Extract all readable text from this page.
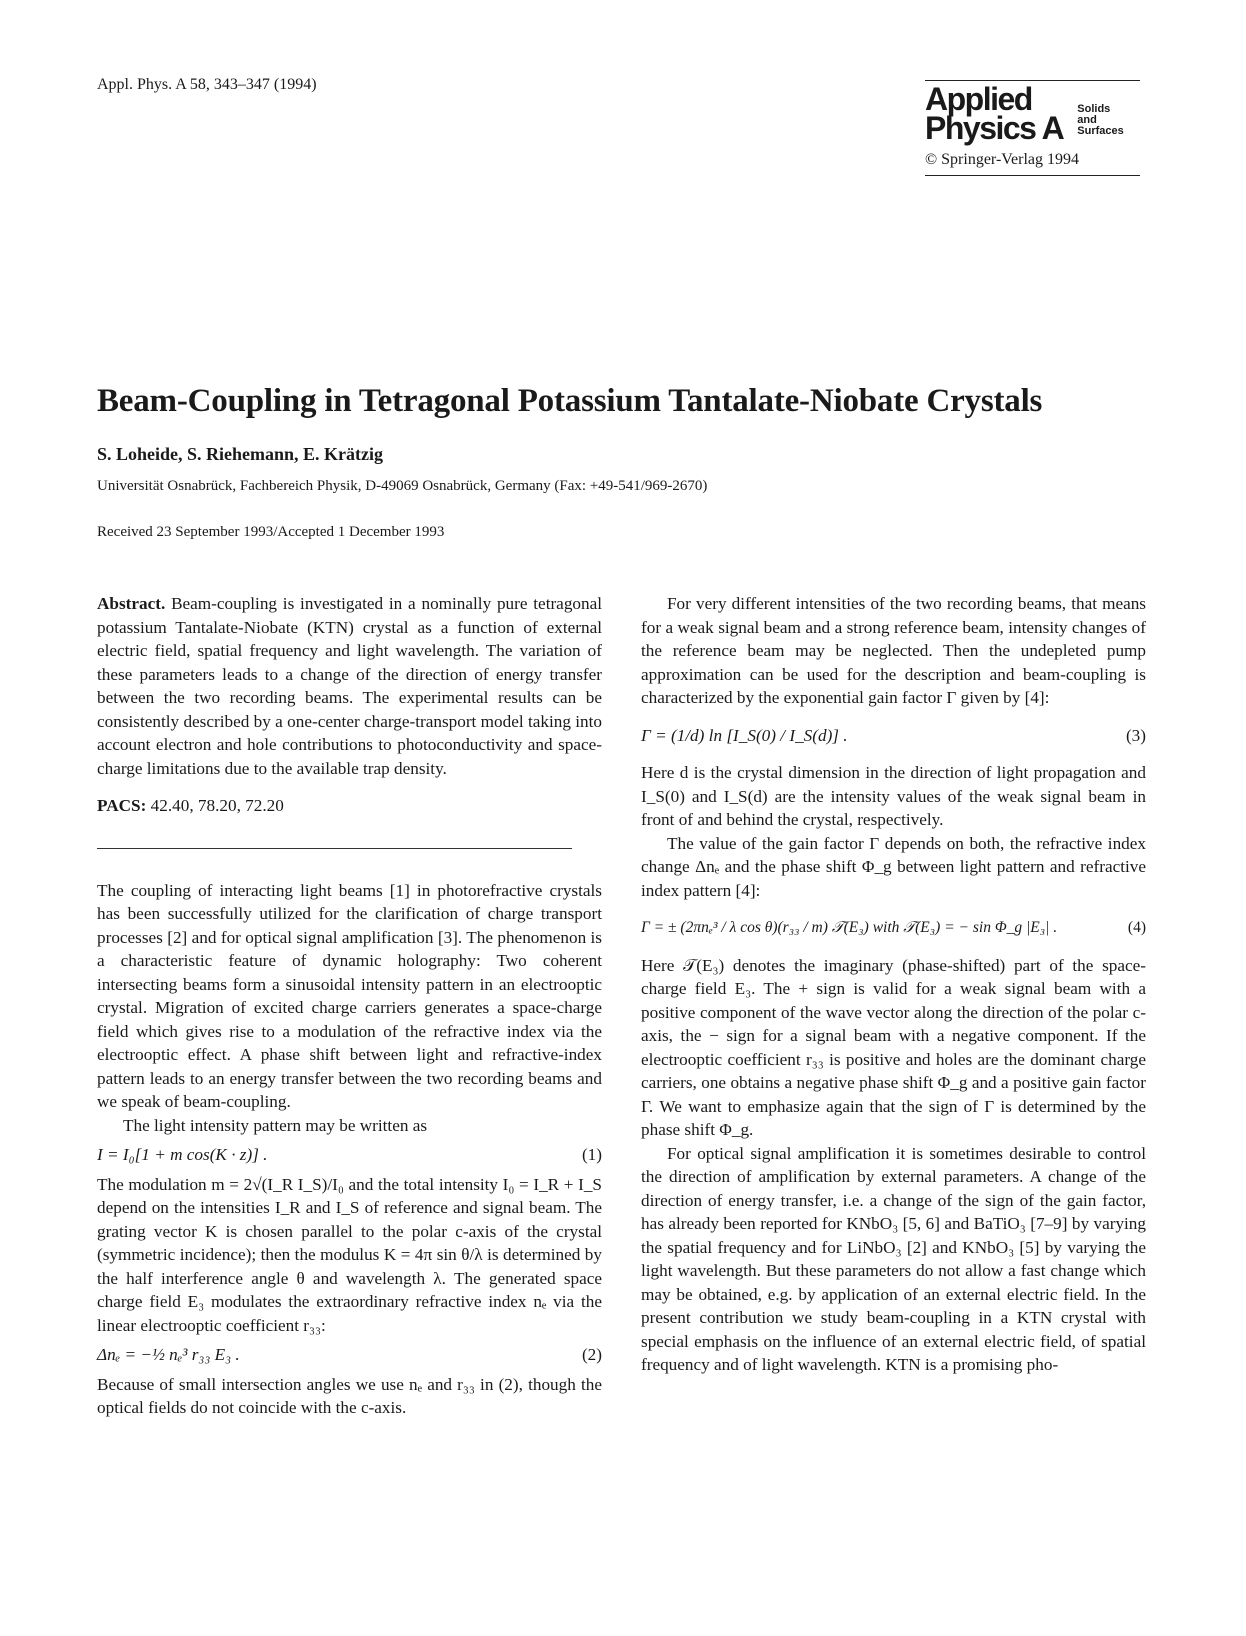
Appl. Phys. A 58, 343–347 (1994)	Applied
Physics A
Solids
and
Surfaces
© Springer-Verlag 1994
Beam-Coupling in Tetragonal Potassium Tantalate-Niobate Crystals
S. Loheide, S. Riehemann, E. Krätzig
Universität Osnabrück, Fachbereich Physik, D-49069 Osnabrück, Germany (Fax: +49-541/969-2670)
Received 23 September 1993/Accepted 1 December 1993

Abstract. Beam-coupling is investigated in a nominally pure tetragonal potassium Tantalate-Niobate (KTN) crystal as a function of external electric field, spatial frequency and light wavelength. The variation of these parameters leads to a change of the direction of energy transfer between the two recording beams. The experimental results can be consistently described by a one-center charge-transport model taking into account electron and hole contributions to photoconductivity and space-charge limitations due to the available trap density.

PACS: 42.40, 78.20, 72.20

The coupling of interacting light beams [1] in photorefractive crystals has been successfully utilized for the clarification of charge transport processes [2] and for optical signal amplification [3]. The phenomenon is a characteristic feature of dynamic holography: Two coherent intersecting beams form a sinusoidal intensity pattern in an electrooptic crystal. Migration of excited charge carriers generates a space-charge field which gives rise to a modulation of the refractive index via the electrooptic effect. A phase shift between light and refractive-index pattern leads to an energy transfer between the two recording beams and we speak of beam-coupling.

The light intensity pattern may be written as

I = I₀[1 + m cos(K · z)] .	(1)

The modulation m = 2√(I_R I_S)/I₀ and the total intensity I₀ = I_R + I_S depend on the intensities I_R and I_S of reference and signal beam. The grating vector K is chosen parallel to the polar c-axis of the crystal (symmetric incidence); then the modulus K = 4π sin θ/λ is determined by the half interference angle θ and wavelength λ. The generated space charge field E₃ modulates the extraordinary refractive index nₑ via the linear electrooptic coefficient r₃₃:

Δnₑ = −½ nₑ³ r₃₃ E₃ .	(2)

Because of small intersection angles we use nₑ and r₃₃ in (2), though the optical fields do not coincide with the c-axis.

For very different intensities of the two recording beams, that means for a weak signal beam and a strong reference beam, intensity changes of the reference beam may be neglected. Then the undepleted pump approximation can be used for the description and beam-coupling is characterized by the exponential gain factor Γ given by [4]:

Γ = (1/d) ln [I_S(0) / I_S(d)] .	(3)

Here d is the crystal dimension in the direction of light propagation and I_S(0) and I_S(d) are the intensity values of the weak signal beam in front of and behind the crystal, respectively.

The value of the gain factor Γ depends on both, the refractive index change Δnₑ and the phase shift Φ_g between light pattern and refractive index pattern [4]:

Γ = ± (2πnₑ³ / λ cos θ)(r₃₃ / m) 𝒯(E₃) with 𝒯(E₃) = − sin Φ_g |E₃| .	(4)

Here 𝒯(E₃) denotes the imaginary (phase-shifted) part of the space-charge field E₃. The + sign is valid for a weak signal beam with a positive component of the wave vector along the direction of the polar c-axis, the − sign for a signal beam with a negative component. If the electrooptic coefficient r₃₃ is positive and holes are the dominant charge carriers, one obtains a negative phase shift Φ_g and a positive gain factor Γ. We want to emphasize again that the sign of Γ is determined by the phase shift Φ_g.

For optical signal amplification it is sometimes desirable to control the direction of amplification by external parameters. A change of the direction of energy transfer, i.e. a change of the sign of the gain factor, has already been reported for KNbO₃ [5, 6] and BaTiO₃ [7–9] by varying the spatial frequency and for LiNbO₃ [2] and KNbO₃ [5] by varying the light wavelength. But these parameters do not allow a fast change which may be obtained, e.g. by application of an external electric field. In the present contribution we study beam-coupling in a KTN crystal with special emphasis on the influence of an external electric field, of spatial frequency and of light wavelength. KTN is a promising pho-
